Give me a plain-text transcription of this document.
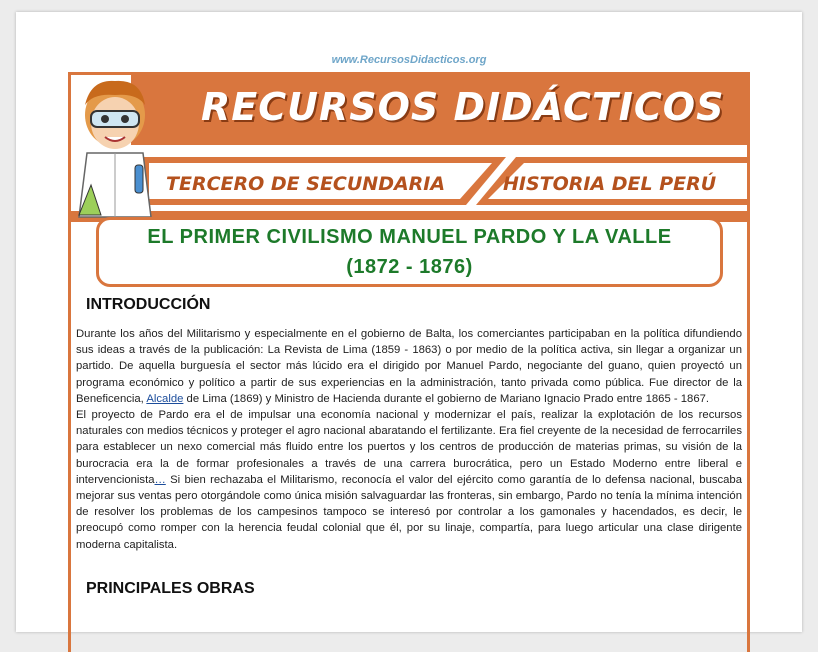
www.RecursosDidacticos.org
RECURSOS DIDÁCTICOS
TERCERO DE SECUNDARIA	HISTORIA DEL PERÚ
EL PRIMER CIVILISMO MANUEL PARDO Y LA VALLE
(1872 - 1876)
INTRODUCCIÓN

Durante los años del Militarismo y especialmente en el gobierno de Balta, los comerciantes participaban en la política difundiendo sus ideas a través de la publicación: La Revista de Lima (1859 - 1863) o por medio de la política activa, sin llegar a organizar un partido. De aquella burguesía el sector más lúcido era el dirigido por Manuel Pardo, negociante del guano, quien proyectó un programa económico y político a partir de sus experiencias en la administración, tanto privada como pública. Fue director de la Beneficencia, Alcalde de Lima (1869) y Ministro de Hacienda durante el gobierno de Mariano Ignacio Prado entre 1865 - 1867.

El proyecto de Pardo era el de impulsar una economía nacional y modernizar el país, realizar la explotación de los recursos naturales con medios técnicos y proteger el agro nacional abaratando el fertilizante. Era fiel creyente de la necesidad de ferrocarriles para establecer un nexo comercial más fluido entre los puertos y los centros de producción de materias primas, su visión de la burocracia era la de formar profesionales a través de una carrera burocrática, pero un Estado Moderno entre liberal e intervencionista… Si bien rechazaba el Militarismo, reconocía el valor del ejército como garantía de lo defensa nacional, buscaba mejorar sus ventas pero otorgándole como única misión salvaguardar las fronteras, sin embargo, Pardo no tenía la mínima intención de resolver los problemas de los campesinos tampoco se interesó por controlar a los gamonales y hacendados, es decir, le preocupó como romper con la herencia feudal colonial que él, por su linaje, compartía, para luego articular una clase dirigente moderna capitalista.

PRINCIPALES OBRAS
